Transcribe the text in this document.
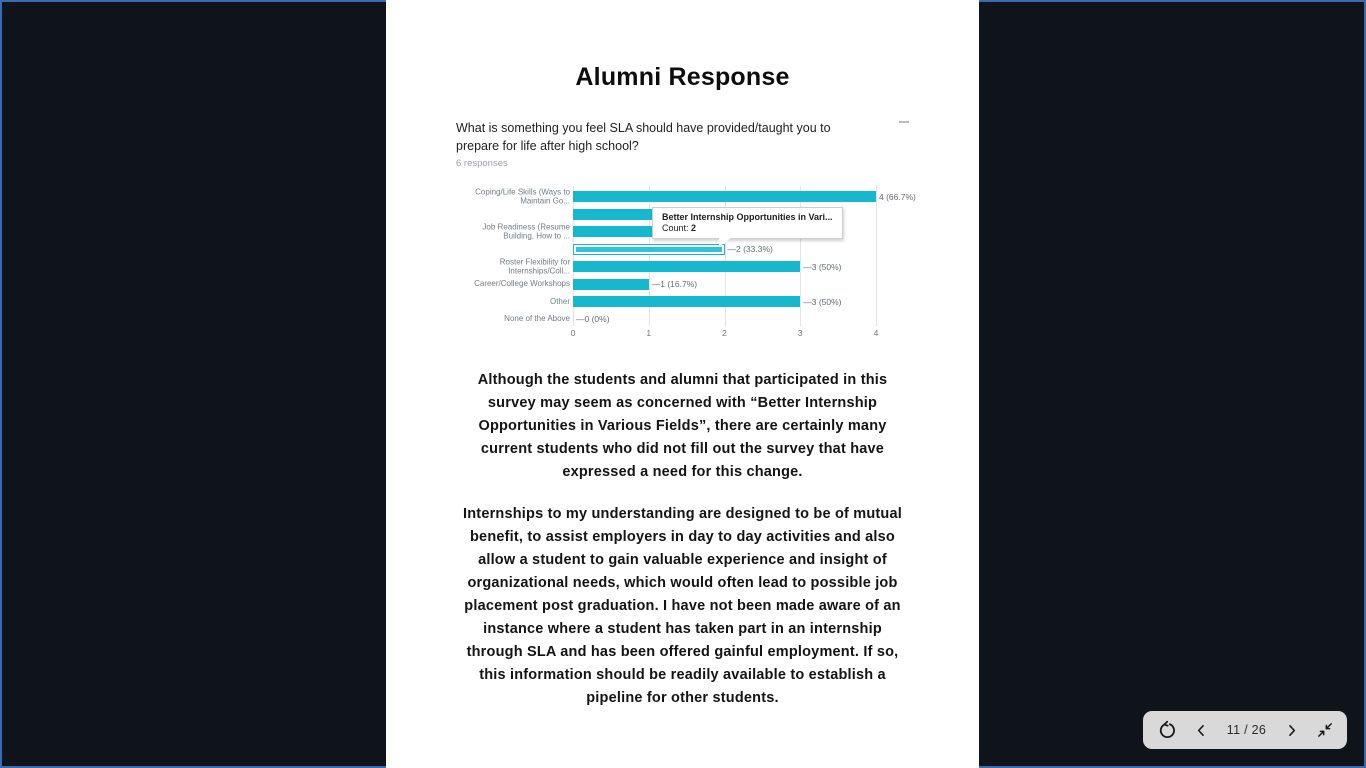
Alumni Response
What is something you feel SLA should have provided/taught you to
prepare for life after high school?
6 responses
Coping/Life Skills (Ways to
Maintain Go...
Job Readiness (Resume
Building, How to ...
Roster Flexibility for
Internships/Coll...
Career/College Workshops
Other
None of the Above
4 (66.7%)
—2 (33.3%)
—3 (50%)
—1 (16.7%)
—3 (50%)
—0 (0%)
0	1	2	3	4
Better Internship Opportunities in Vari...
Count: 2
Although the students and alumni that participated in this
survey may seem as concerned with “Better Internship
Opportunities in Various Fields”, there are certainly many
current students who did not fill out the survey that have
expressed a need for this change.
Internships to my understanding are designed to be of mutual
benefit, to assist employers in day to day activities and also
allow a student to gain valuable experience and insight of
organizational needs, which would often lead to possible job
placement post graduation. I have not been made aware of an
instance where a student has taken part in an internship
through SLA and has been offered gainful employment. If so,
this information should be readily available to establish a
pipeline for other students.
11 / 26
